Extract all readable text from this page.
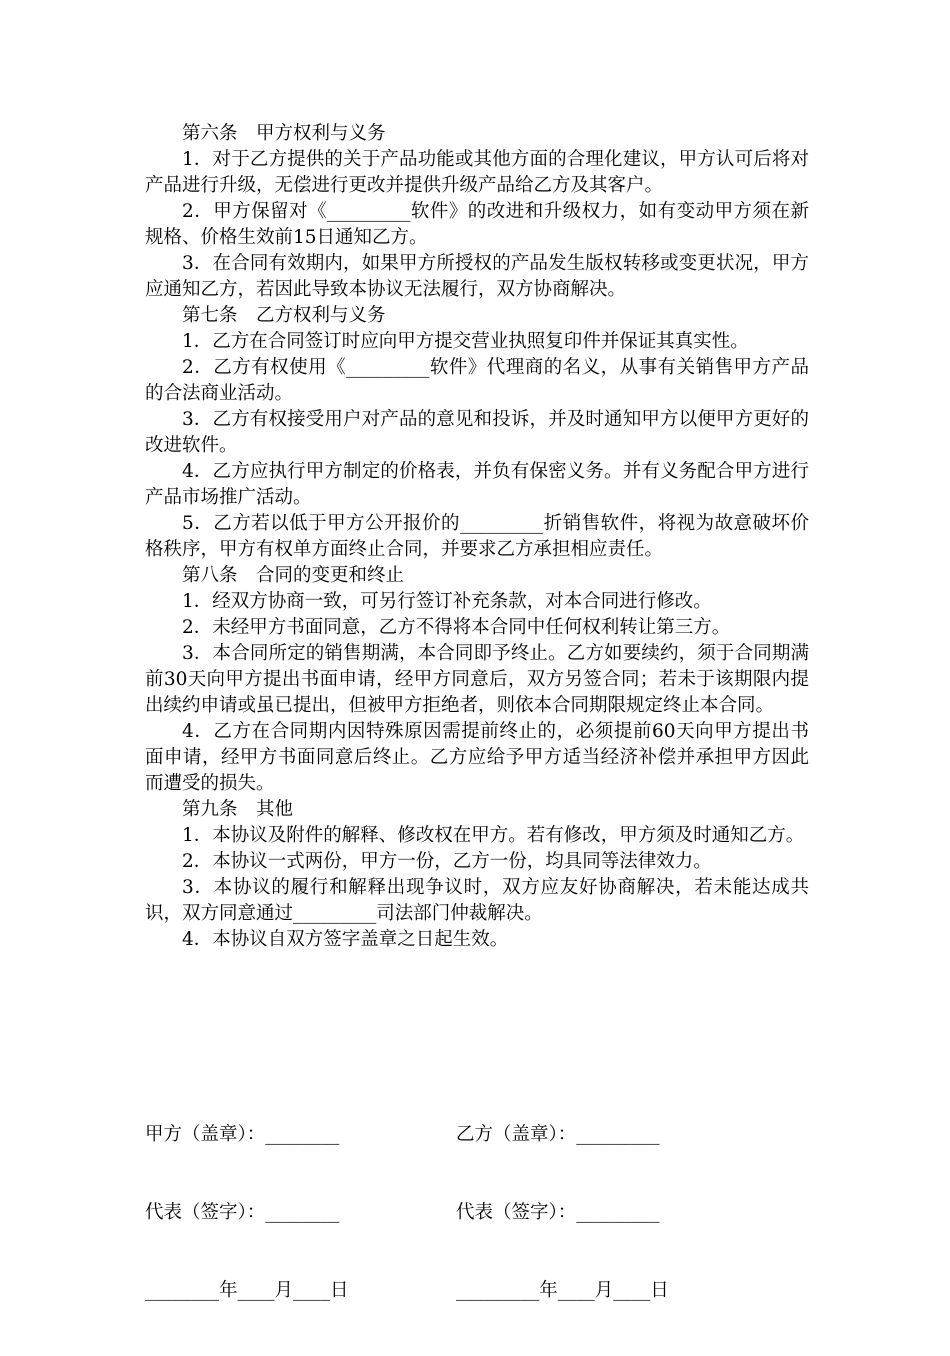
第六条　甲方权利与义务

1．对于乙方提供的关于产品功能或其他方面的合理化建议，甲方认可后将对产品进行升级，无偿进行更改并提供升级产品给乙方及其客户。

2．甲方保留对《_________软件》的改进和升级权力，如有变动甲方须在新规格、价格生效前15日通知乙方。

3．在合同有效期内，如果甲方所授权的产品发生版权转移或变更状况，甲方应通知乙方，若因此导致本协议无法履行，双方协商解决。

第七条　乙方权利与义务

1．乙方在合同签订时应向甲方提交营业执照复印件并保证其真实性。

2．乙方有权使用《_________软件》代理商的名义，从事有关销售甲方产品的合法商业活动。

3．乙方有权接受用户对产品的意见和投诉，并及时通知甲方以便甲方更好的改进软件。

4．乙方应执行甲方制定的价格表，并负有保密义务。并有义务配合甲方进行产品市场推广活动。

5．乙方若以低于甲方公开报价的_________折销售软件，将视为故意破坏价格秩序，甲方有权单方面终止合同，并要求乙方承担相应责任。

第八条　合同的变更和终止

1．经双方协商一致，可另行签订补充条款，对本合同进行修改。

2．未经甲方书面同意，乙方不得将本合同中任何权利转让第三方。

3．本合同所定的销售期满，本合同即予终止。乙方如要续约，须于合同期满前30天向甲方提出书面申请，经甲方同意后，双方另签合同；若未于该期限内提出续约申请或虽已提出，但被甲方拒绝者，则依本合同期限规定终止本合同。

4．乙方在合同期内因特殊原因需提前终止的，必须提前60天向甲方提出书面申请，经甲方书面同意后终止。乙方应给予甲方适当经济补偿并承担甲方因此而遭受的损失。

第九条　其他

1．本协议及附件的解释、修改权在甲方。若有修改，甲方须及时通知乙方。

2．本协议一式两份，甲方一份，乙方一份，均具同等法律效力。

3．本协议的履行和解释出现争议时，双方应友好协商解决，若未能达成共识，双方同意通过_________司法部门仲裁解决。

4．本协议自双方签字盖章之日起生效。

甲方（盖章）：________

代表（签字）：________

________年____月____日

乙方（盖章）：_________

代表（签字）：_________

_________年____月____日
